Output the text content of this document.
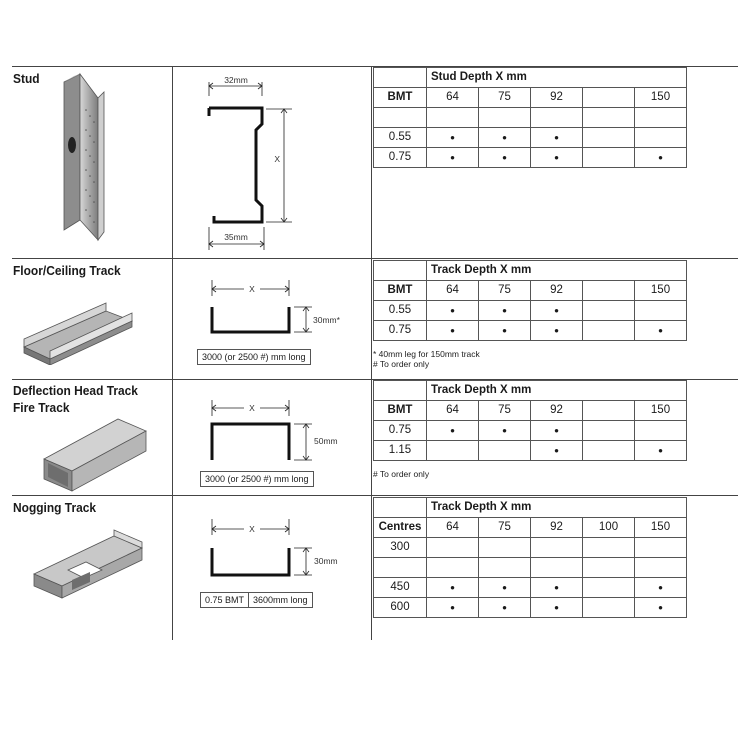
Stud	32mm
X
35mm
	Stud Depth X mm				
BMT	64	75	92		150

0.55	•	•	•		
0.75	•	•	•		•
Floor/Ceiling Track
X
30mm*
3000 (or 2500 #) mm long
	Track Depth X mm				
BMT	64	75	92		150
0.55	•	•	•		
0.75	•	•	•		•
* 40mm leg for 150mm track
# To order only
Deflection Head Track
Fire Track	X
50mm
3000 (or 2500 #) mm long
	Track Depth X mm				
BMT	64	75	92		150
0.75	•	•	•		
1.15			•		•
# To order only
Nogging Track
X
30mm
0.75 BMT 3600mm long
	Track Depth X mm				
Centres	64	75	92	100	150
300					

450	•	•	•		•
600	•	•	•		•
